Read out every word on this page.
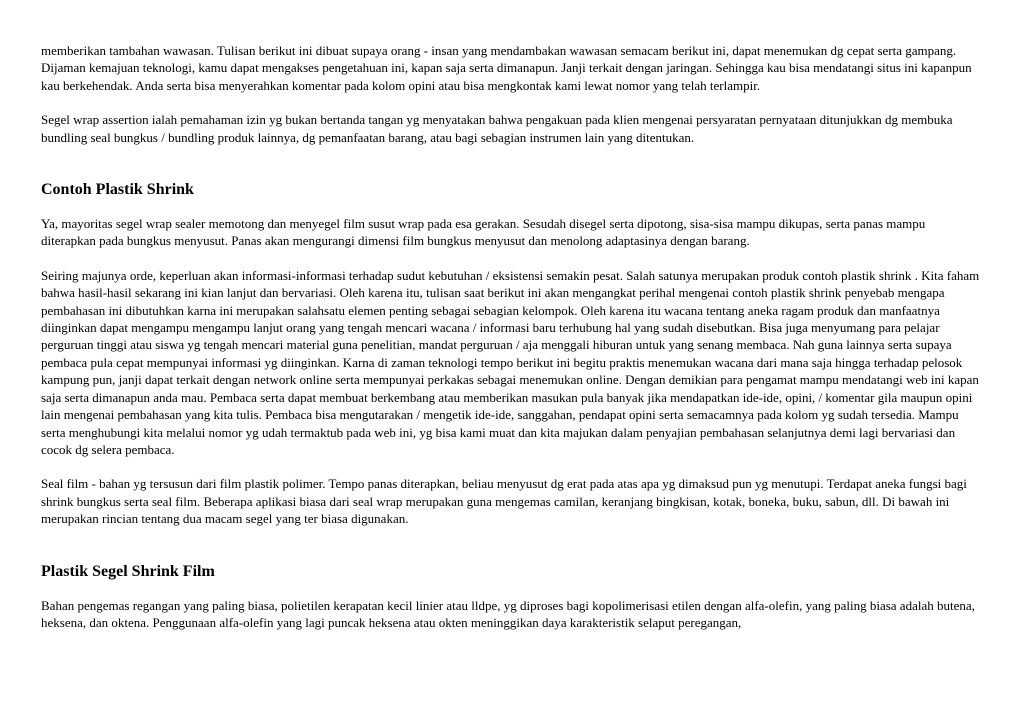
memberikan tambahan wawasan. Tulisan berikut ini dibuat supaya orang - insan yang mendambakan wawasan semacam berikut ini, dapat menemukan dg cepat serta gampang. Dijaman kemajuan teknologi, kamu dapat mengakses pengetahuan ini, kapan saja serta dimanapun. Janji terkait dengan jaringan. Sehingga kau bisa mendatangi situs ini kapanpun kau berkehendak. Anda serta bisa menyerahkan komentar pada kolom opini atau bisa mengkontak kami lewat nomor yang telah terlampir.

Segel wrap assertion ialah pemahaman izin yg bukan bertanda tangan yg menyatakan bahwa pengakuan pada klien mengenai persyaratan pernyataan ditunjukkan dg membuka bundling seal bungkus / bundling produk lainnya, dg pemanfaatan barang, atau bagi sebagian instrumen lain yang ditentukan.

Contoh Plastik Shrink

Ya, mayoritas segel wrap sealer memotong dan menyegel film susut wrap pada esa gerakan. Sesudah disegel serta dipotong, sisa-sisa mampu dikupas, serta panas mampu diterapkan pada bungkus menyusut. Panas akan mengurangi dimensi film bungkus menyusut dan menolong adaptasinya dengan barang.

Seiring majunya orde, keperluan akan informasi-informasi terhadap sudut kebutuhan / eksistensi semakin pesat. Salah satunya merupakan produk contoh plastik shrink . Kita faham bahwa hasil-hasil sekarang ini kian lanjut dan bervariasi. Oleh karena itu, tulisan saat berikut ini akan mengangkat perihal mengenai contoh plastik shrink penyebab mengapa pembahasan ini dibutuhkan karna ini merupakan salahsatu elemen penting sebagai sebagian kelompok. Oleh karena itu wacana tentang aneka ragam produk dan manfaatnya diinginkan dapat mengampu mengampu lanjut orang yang tengah mencari wacana / informasi baru terhubung hal yang sudah disebutkan. Bisa juga menyumang para pelajar perguruan tinggi atau siswa yg tengah mencari material guna penelitian, mandat perguruan / aja menggali hiburan untuk yang senang membaca. Nah guna lainnya serta supaya pembaca pula cepat mempunyai informasi yg diinginkan. Karna di zaman teknologi tempo berikut ini begitu praktis menemukan wacana dari mana saja hingga terhadap pelosok kampung pun, janji dapat terkait dengan network online serta mempunyai perkakas sebagai menemukan online. Dengan demikian para pengamat mampu mendatangi web ini kapan saja serta dimanapun anda mau. Pembaca serta dapat membuat berkembang atau memberikan masukan pula banyak jika mendapatkan ide-ide, opini, / komentar gila maupun opini lain mengenai pembahasan yang kita tulis. Pembaca bisa mengutarakan / mengetik ide-ide, sanggahan, pendapat opini serta semacamnya pada kolom yg sudah tersedia. Mampu serta menghubungi kita melalui nomor yg udah termaktub pada web ini, yg bisa kami muat dan kita majukan dalam penyajian pembahasan selanjutnya demi lagi bervariasi dan cocok dg selera pembaca.

Seal film - bahan yg tersusun dari film plastik polimer. Tempo panas diterapkan, beliau menyusut dg erat pada atas apa yg dimaksud pun yg menutupi. Terdapat aneka fungsi bagi shrink bungkus serta seal film. Beberapa aplikasi biasa dari seal wrap merupakan guna mengemas camilan, keranjang bingkisan, kotak, boneka, buku, sabun, dll. Di bawah ini merupakan rincian tentang dua macam segel yang ter biasa digunakan.

Plastik Segel Shrink Film

Bahan pengemas regangan yang paling biasa, polietilen kerapatan kecil linier atau lldpe, yg diproses bagi kopolimerisasi etilen dengan alfa-olefin, yang paling biasa adalah butena, heksena, dan oktena. Penggunaan alfa-olefin yang lagi puncak heksena atau okten meninggikan daya karakteristik selaput peregangan,
